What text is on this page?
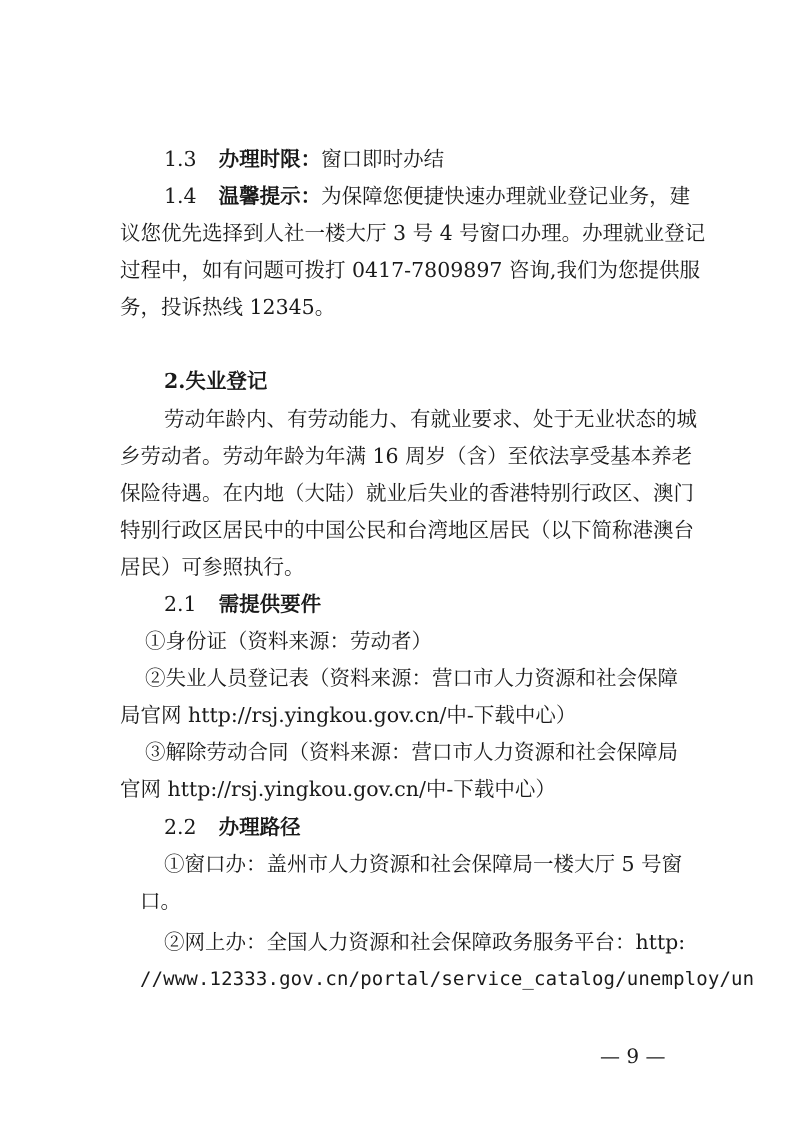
1.3 办理时限：窗口即时办结
1.4 温馨提示：为保障您便捷快速办理就业登记业务，建
议您优先选择到人社一楼大厅 3 号 4 号窗口办理。办理就业登记
过程中，如有问题可拨打 0417-7809897 咨询,我们为您提供服
务，投诉热线 12345。
2.失业登记
劳动年龄内、有劳动能力、有就业要求、处于无业状态的城
乡劳动者。劳动年龄为年满 16 周岁（含）至依法享受基本养老
保险待遇。在内地（大陆）就业后失业的香港特别行政区、澳门
特别行政区居民中的中国公民和台湾地区居民（以下简称港澳台
居民）可参照执行。
2.1 需提供要件
①身份证（资料来源：劳动者）
②失业人员登记表（资料来源：营口市人力资源和社会保障
局官网 http://rsj.yingkou.gov.cn/中-下载中心）
③解除劳动合同（资料来源：营口市人力资源和社会保障局
官网 http://rsj.yingkou.gov.cn/中-下载中心）
2.2 办理路径
①窗口办：盖州市人力资源和社会保障局一楼大厅 5 号窗
口。
②网上办：全国人力资源和社会保障政务服务平台：http:
//www.12333.gov.cn/portal/service_catalog/unemploy/un
— 9 —
